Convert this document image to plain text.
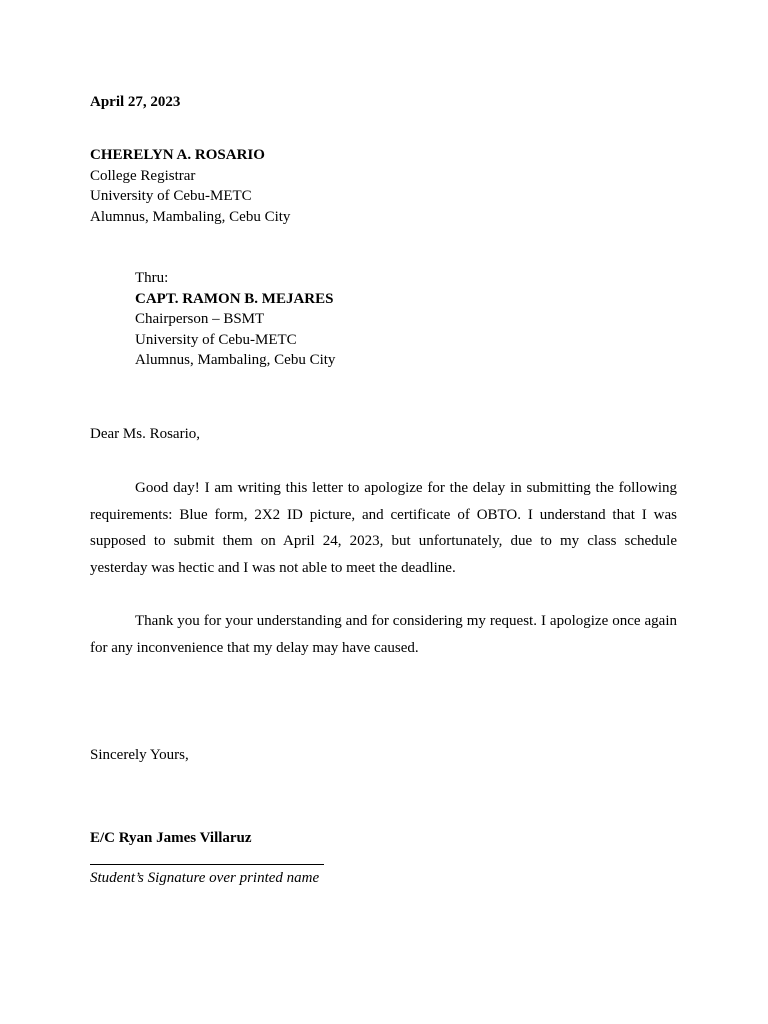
April 27, 2023
CHERELYN A. ROSARIO
College Registrar
University of Cebu-METC
Alumnus, Mambaling, Cebu City
Thru:
CAPT. RAMON B. MEJARES
Chairperson – BSMT
University of Cebu-METC
Alumnus, Mambaling, Cebu City
Dear Ms. Rosario,
Good day! I am writing this letter to apologize for the delay in submitting the following requirements: Blue form, 2X2 ID picture, and certificate of OBTO. I understand that I was supposed to submit them on April 24, 2023, but unfortunately, due to my class schedule yesterday was hectic and I was not able to meet the deadline.
Thank you for your understanding and for considering my request. I apologize once again for any inconvenience that my delay may have caused.
Sincerely Yours,
E/C Ryan James Villaruz
Student’s Signature over printed name
